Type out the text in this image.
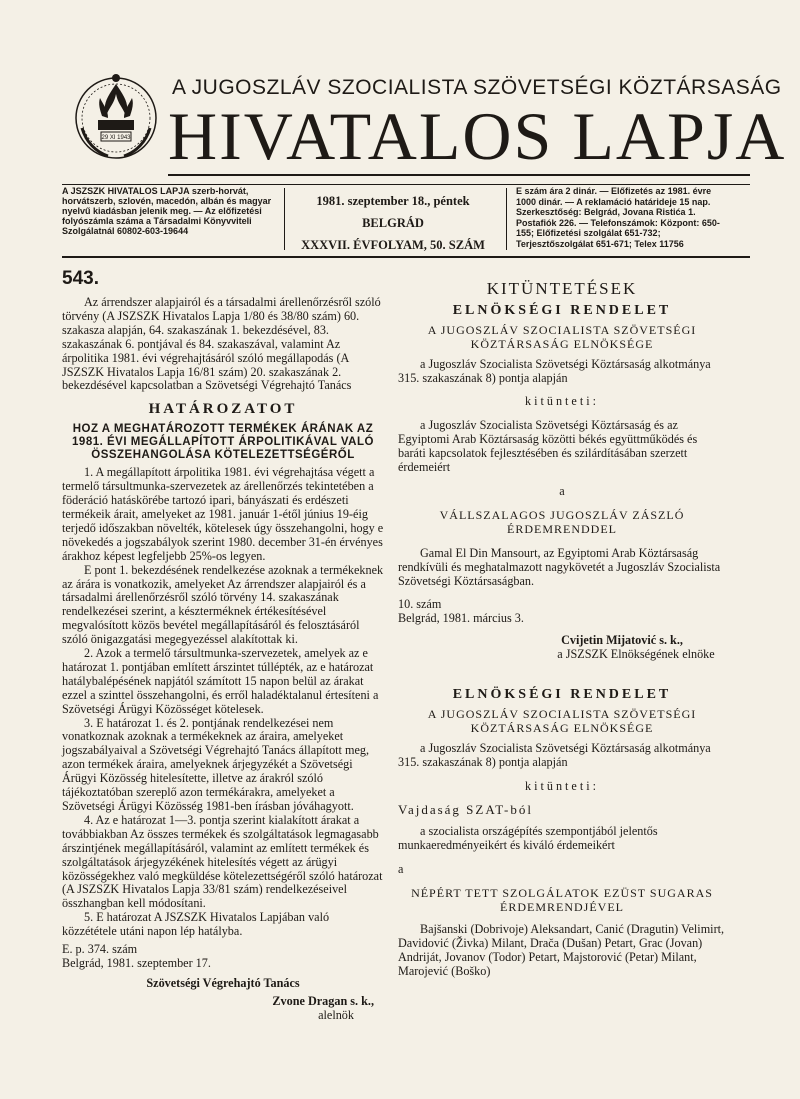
29 XI 1943
A JUGOSZLÁV SZOCIALISTA SZÖVETSÉGI KÖZTÁRSASÁG
HIVATALOS LAPJA
A JSZSZK HIVATALOS LAPJA szerb-horvát, horvátszerb, szlovén, macedón, albán és magyar nyelvű kiadásban jelenik meg. — Az előfizetési folyószámla száma a Társadalmi Könyvviteli Szolgálatnál 60802-603-19644
1981. szeptember 18., péntek
BELGRÁD
XXXVII. ÉVFOLYAM, 50. SZÁM
E szám ára 2 dinár. — Előfizetés az 1981. évre 1000 dinár. — A reklamáció határideje 15 nap. Szerkesztőség: Belgrád, Jovana Ristića 1. Postafiók 226. — Telefonszámok: Központ: 650-155; Előfizetési szolgálat 651-732; Terjesztőszolgálat 651-671; Telex 11756
543.

Az árrendszer alapjairól és a társadalmi árellenőrzésről szóló törvény (A JSZSZK Hivatalos Lapja 1/80 és 38/80 szám) 60. szakasza alapján, 64. szakaszának 1. bekezdésével, 83. szakaszának 6. pontjával és 84. szakaszával, valamint Az árpolitika 1981. évi végrehajtásáról szóló megállapodás (A JSZSZK Hivatalos Lapja 16/81 szám) 20. szakaszának 2. bekezdésével kapcsolatban a Szövetségi Végrehajtó Tanács

HATÁROZATOT

HOZ A MEGHATÁROZOTT TERMÉKEK ÁRÁNAK AZ 1981. ÉVI MEGÁLLAPÍTOTT ÁRPOLITIKÁVAL VALÓ ÖSSZEHANGOLÁSA KÖTELEZETTSÉGÉRŐL

1. A megállapított árpolitika 1981. évi végrehajtása végett a termelő társultmunka-szervezetek az árellenőrzés tekintetében a föderáció hatáskörébe tartozó ipari, bányászati és erdészeti termékeik árait, amelyeket az 1981. január 1-étől június 19-éig terjedő időszakban növelték, kötelesek úgy összehangolni, hogy e növekedés a jogszabályok szerint 1980. december 31-én érvényes árakhoz képest legfeljebb 25%-os legyen.

E pont 1. bekezdésének rendelkezése azoknak a termékeknek az árára is vonatkozik, amelyeket Az árrendszer alapjairól és a társadalmi árellenőrzésről szóló törvény 14. szakaszának rendelkezései szerint, a készterméknek értékesítésével megvalósított közös bevétel megállapításáról és felosztásáról szóló önigazgatási megegyezéssel alakítottak ki.

2. Azok a termelő társultmunka-szervezetek, amelyek az e határozat 1. pontjában említett árszintet túllépték, az e határozat hatálybalépésének napjától számított 15 napon belül az árakat ezzel a szinttel összehangolni, és erről haladéktalanul értesíteni a Szövetségi Árügyi Közösséget kötelesek.

3. E határozat 1. és 2. pontjának rendelkezései nem vonatkoznak azoknak a termékeknek az áraira, amelyeket jogszabályaival a Szövetségi Végrehajtó Tanács állapított meg, azon termékek áraira, amelyeknek árjegyzékét a Szövetségi Árügyi Közösség hitelesítette, illetve az árakról szóló tájékoztatóban szereplő azon termékárakra, amelyeket a Szövetségi Árügyi Közösség 1981-ben írásban jóváhagyott.

4. Az e határozat 1—3. pontja szerint kialakított árakat a továbbiakban Az összes termékek és szolgáltatások legmagasabb árszintjének megállapításáról, valamint az említett termékek és szolgáltatások árjegyzékének hitelesítés végett az árügyi közösségekhez való megküldése kötelezettségéről szóló határozat (A JSZSZK Hivatalos Lapja 33/81 szám) rendelkezéseivel összhangban kell módosítani.

5. E határozat A JSZSZK Hivatalos Lapjában való közzététele utáni napon lép hatályba.

E. p. 374. szám

Belgrád, 1981. szeptember 17.

Szövetségi Végrehajtó Tanács

Zvone Dragan s. k.,

alelnök

KITÜNTETÉSEK

ELNÖKSÉGI RENDELET

A JUGOSZLÁV SZOCIALISTA SZÖVETSÉGI KÖZTÁRSASÁG ELNÖKSÉGE

a Jugoszláv Szocialista Szövetségi Köztársaság alkotmánya 315. szakaszának 8) pontja alapján

kitünteti:

a Jugoszláv Szocialista Szövetségi Köztársaság és az Egyiptomi Arab Köztársaság közötti békés együttműködés és baráti kapcsolatok fejlesztésében és szilárdításában szerzett érdemeiért

a

VÁLLSZALAGOS JUGOSZLÁV ZÁSZLÓ ÉRDEMRENDDEL

Gamal El Din Mansourt, az Egyiptomi Arab Köztársaság rendkívüli és meghatalmazott nagykövetét a Jugoszláv Szocialista Szövetségi Köztársaságban.

10. szám

Belgrád, 1981. március 3.

Cvijetin Mijatović s. k.,

a JSZSZK Elnökségének elnöke

ELNÖKSÉGI RENDELET

A JUGOSZLÁV SZOCIALISTA SZÖVETSÉGI KÖZTÁRSASÁG ELNÖKSÉGE

a Jugoszláv Szocialista Szövetségi Köztársaság alkotmánya 315. szakaszának 8) pontja alapján

kitünteti:

Vajdaság SZAT-ból

a szocialista országépítés szempontjából jelentős munkaeredményeikért és kiváló érdemeikért

a

NÉPÉRT TETT SZOLGÁLATOK EZÜST SUGARAS ÉRDEMRENDJÉVEL

Bajšanski (Dobrivoje) Aleksandart, Canić (Dragutin) Velimirt, Davidović (Živka) Milant, Drača (Dušan) Petart, Grac (Jovan) Andriját, Jovanov (Todor) Petart, Majstorović (Petar) Milant, Marojević (Boško)
